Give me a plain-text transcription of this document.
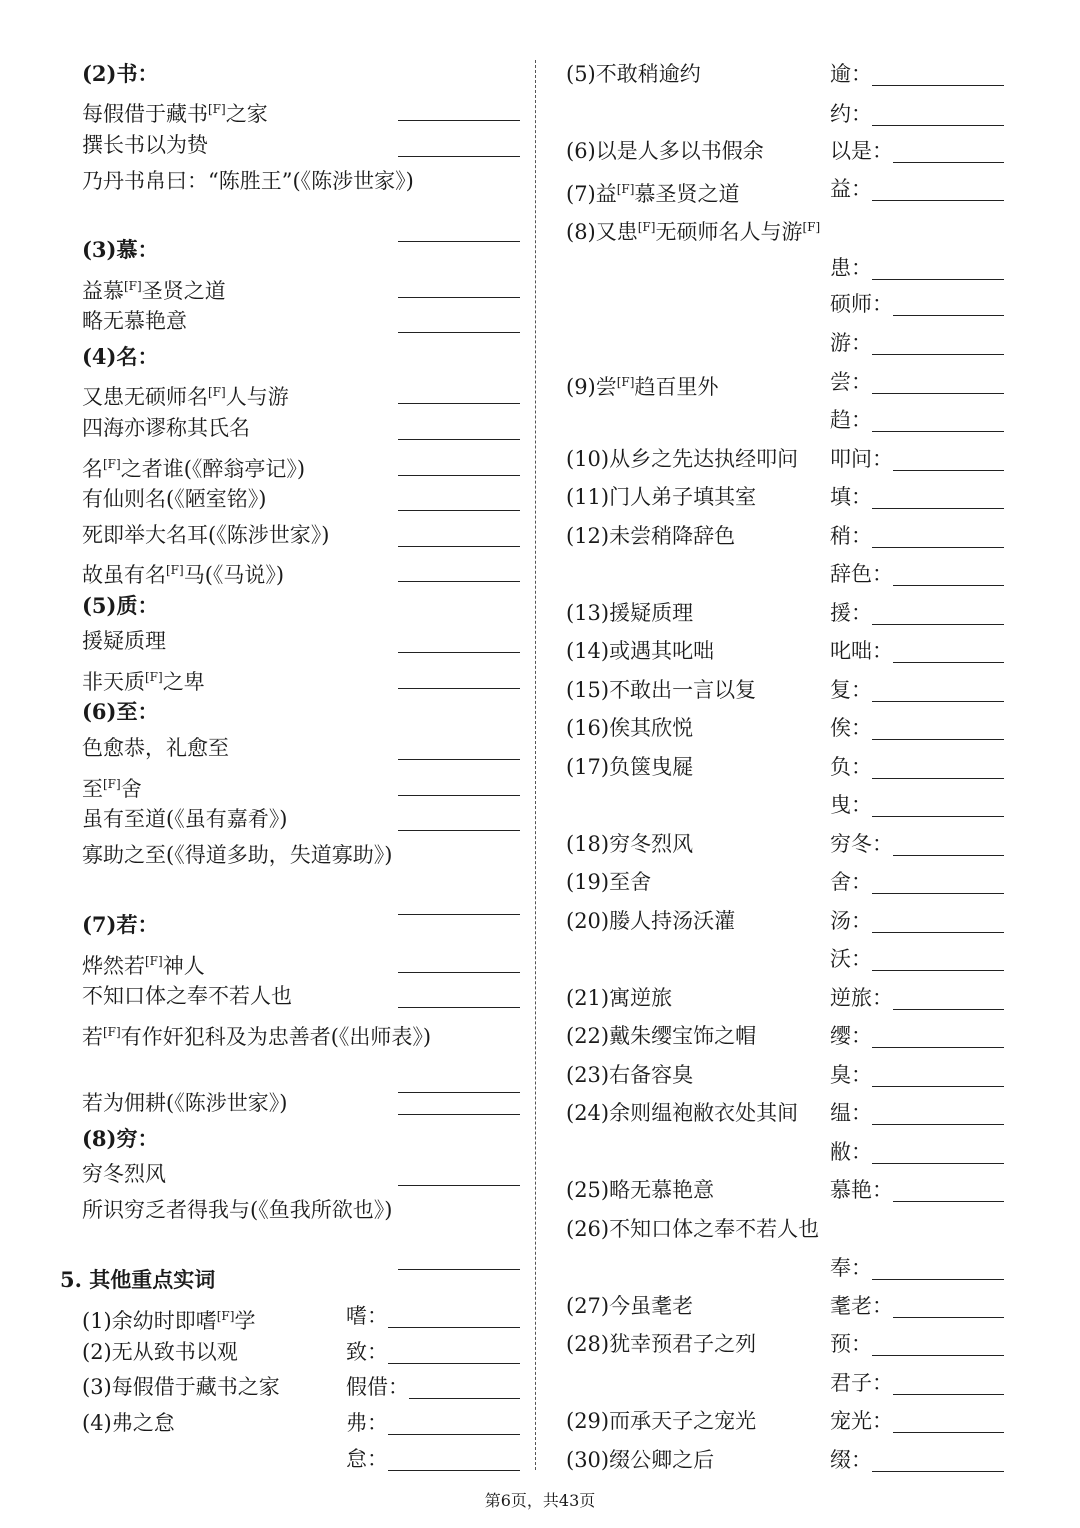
(2)书：
每假借于藏书[F]之家
撰长书以为贽
乃丹书帛曰：“陈胜王”(《陈涉世家》)
(3)慕：
益慕[F]圣贤之道
略无慕艳意
(4)名：
又患无硕师名[F]人与游
四海亦谬称其氏名
名[F]之者谁(《醉翁亭记》)
有仙则名(《陋室铭》)
死即举大名耳(《陈涉世家》)
故虽有名[F]马(《马说》)
(5)质：
援疑质理
非天质[F]之卑
(6)至：
色愈恭，礼愈至
至[F]舍
虽有至道(《虽有嘉肴》)
寡助之至(《得道多助，失道寡助》)
(7)若：
烨然若[F]神人
不知口体之奉不若人也
若[F]有作奸犯科及为忠善者(《出师表》)
若为佣耕(《陈涉世家》)
(8)穷：
穷冬烈风
所识穷乏者得我与(《鱼我所欲也》)
5. 其他重点实词
(1)余幼时即嗜[F]学	嗜：
(2)无从致书以观	致：
(3)每假借于藏书之家	假借：
(4)弗之怠	弗：
怠：
(5)不敢稍逾约	逾：
约：
(6)以是人多以书假余	以是：
(7)益[F]慕圣贤之道	益：
(8)又患[F]无硕师名人与游[F]
患：
硕师：
游：
(9)尝[F]趋百里外	尝：
趋：
(10)从乡之先达执经叩问 叩问：
(11)门人弟子填其室	填：
(12)未尝稍降辞色	稍：
辞色：
(13)援疑质理	援：
(14)或遇其叱咄	叱咄：
(15)不敢出一言以复	复：
(16)俟其欣悦	俟：
(17)负箧曳屣	负：
曳：
(18)穷冬烈风	穷冬：
(19)至舍	舍：
(20)媵人持汤沃灌	汤：
沃：
(21)寓逆旅	逆旅：
(22)戴朱缨宝饰之帽	缨：
(23)右备容臭	臭：
(24)余则缊袍敝衣处其间 缊：
敝：
(25)略无慕艳意	慕艳：
(26)不知口体之奉不若人也
奉：
(27)今虽耄老	耄老：
(28)犹幸预君子之列	预：
君子：
(29)而承天子之宠光	宠光：
(30)缀公卿之后	缀：
第6页，共43页
